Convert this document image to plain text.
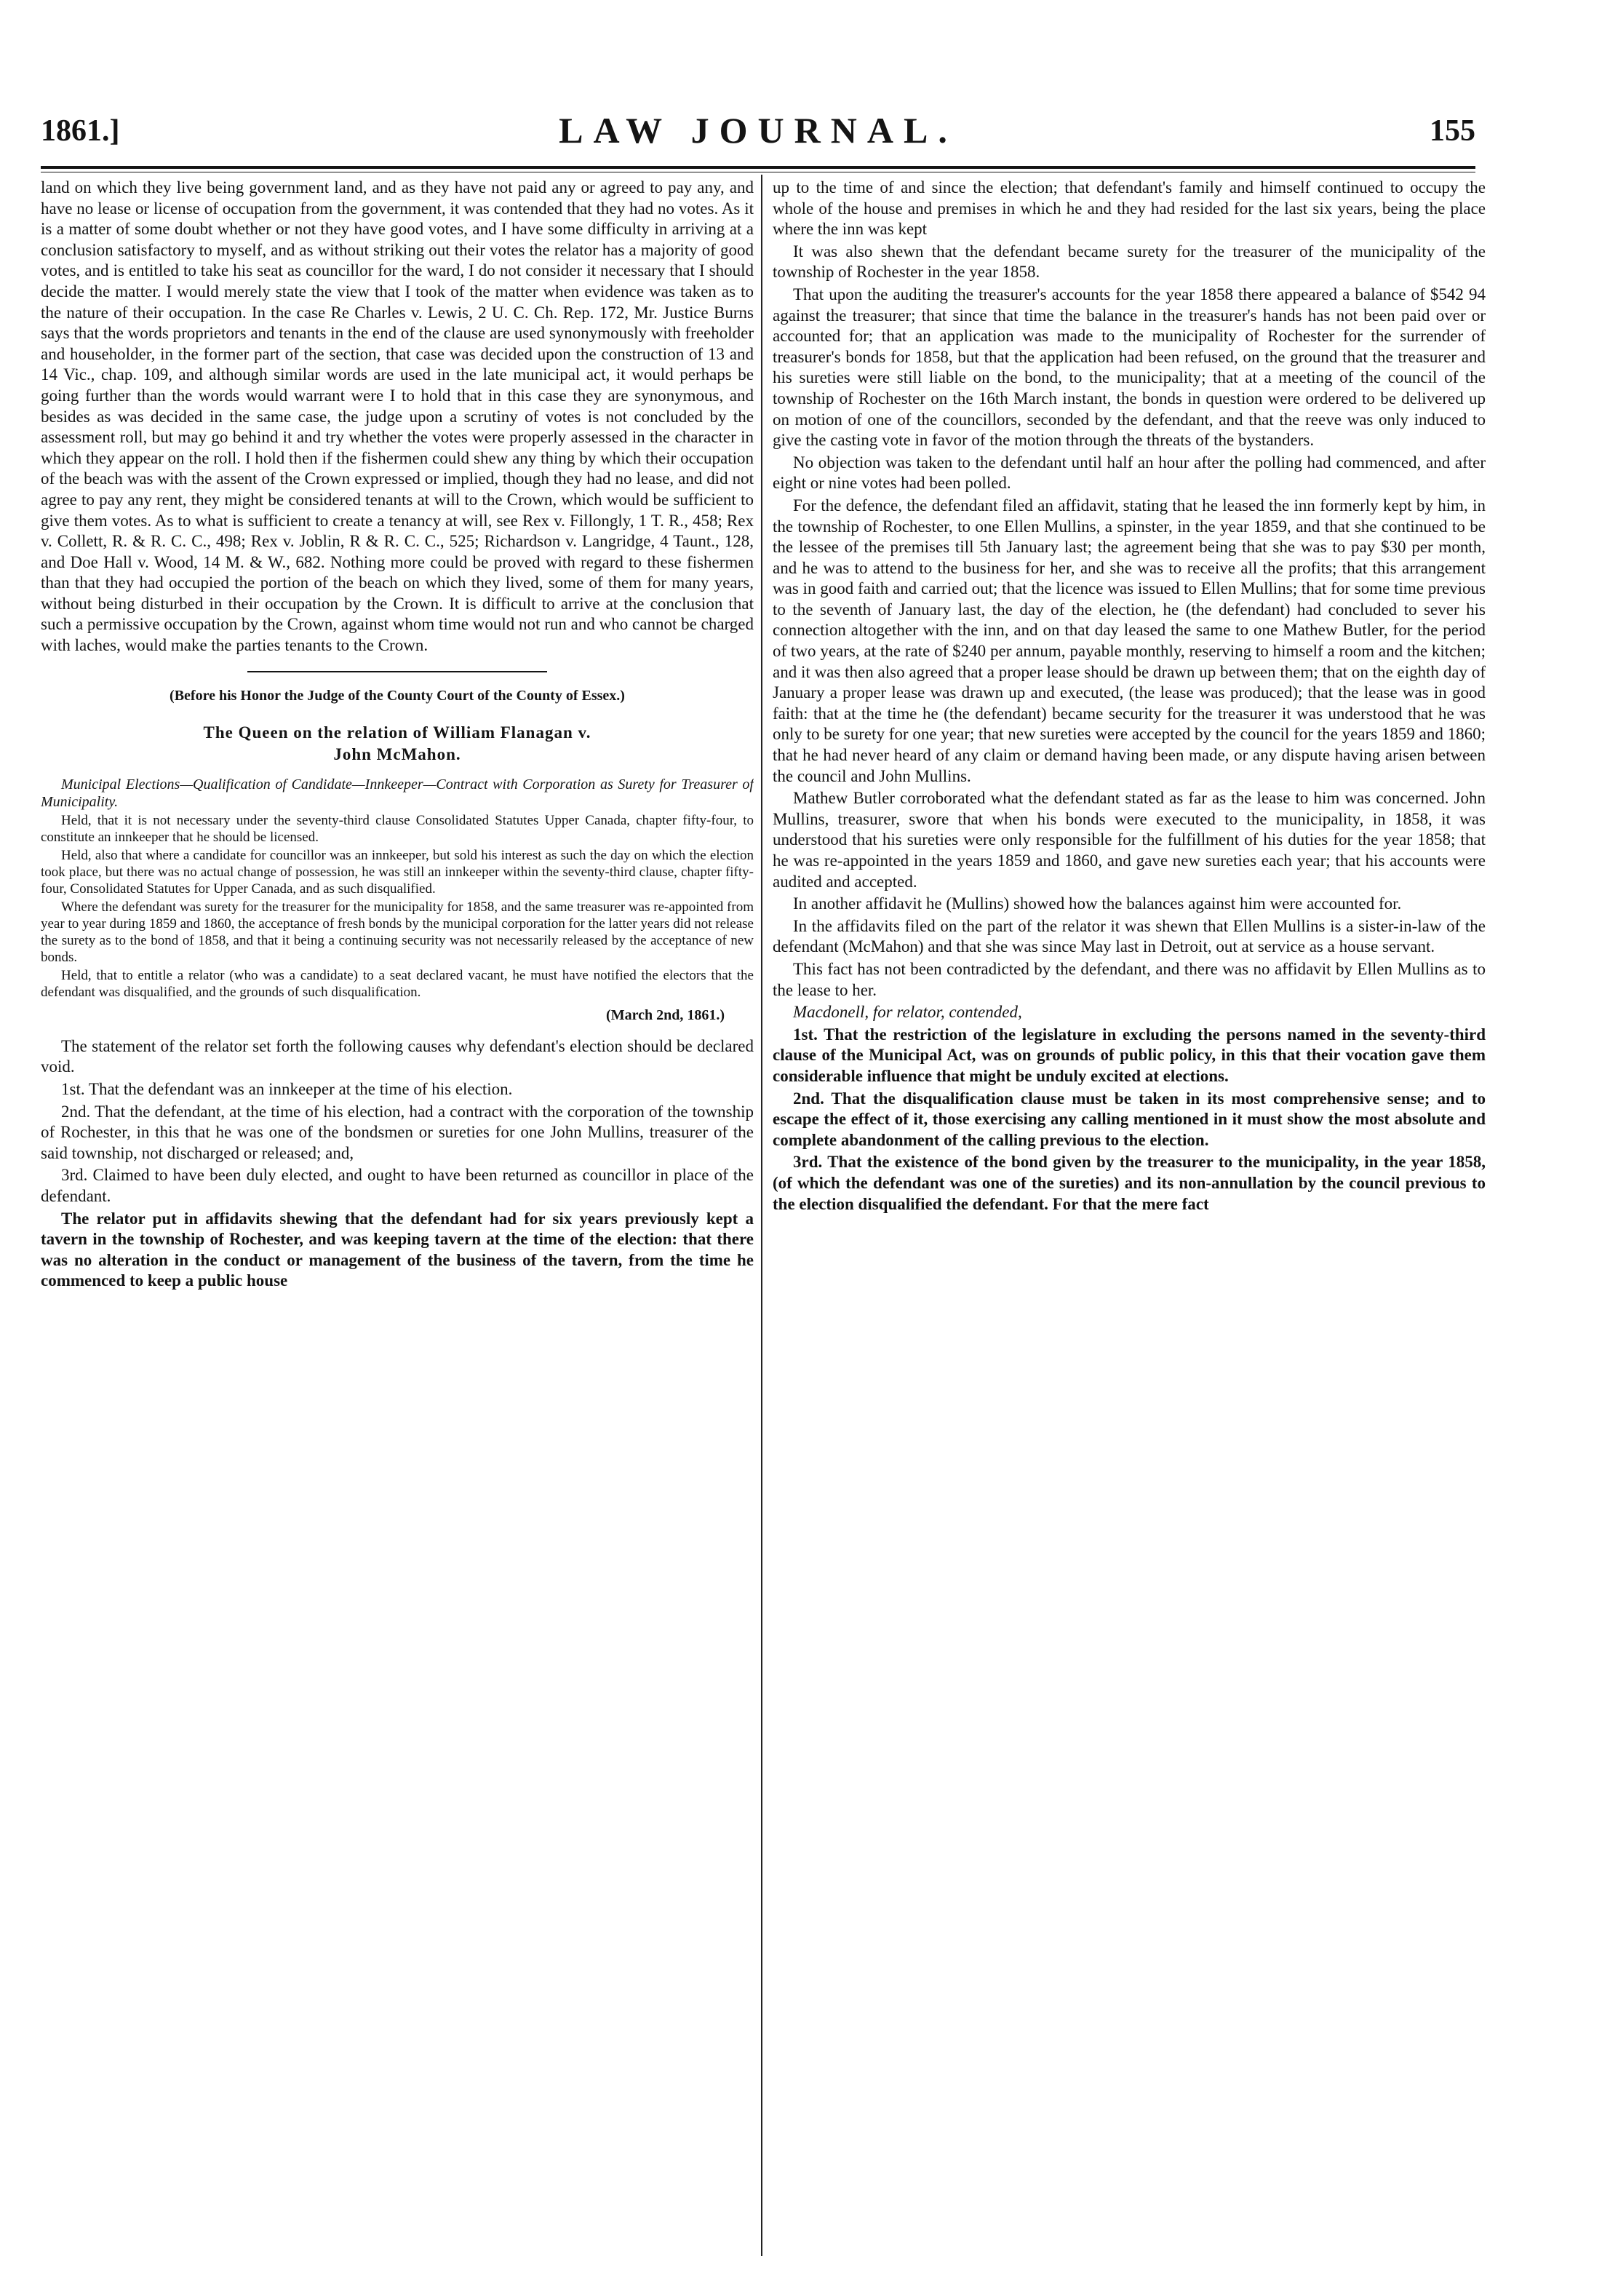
1861.]	LAW JOURNAL.	155

land on which they live being government land, and as they have not paid any or agreed to pay any, and have no lease or license of occupation from the government, it was contended that they had no votes. As it is a matter of some doubt whether or not they have good votes, and I have some difficulty in arriving at a conclusion satisfactory to myself, and as without striking out their votes the relator has a majority of good votes, and is entitled to take his seat as councillor for the ward, I do not consider it necessary that I should decide the matter. I would merely state the view that I took of the matter when evidence was taken as to the nature of their occupation. In the case Re Charles v. Lewis, 2 U. C. Ch. Rep. 172, Mr. Justice Burns says that the words proprietors and tenants in the end of the clause are used synonymously with freeholder and householder, in the former part of the section, that case was decided upon the construction of 13 and 14 Vic., chap. 109, and although similar words are used in the late municipal act, it would perhaps be going further than the words would warrant were I to hold that in this case they are synonymous, and besides as was decided in the same case, the judge upon a scrutiny of votes is not concluded by the assessment roll, but may go behind it and try whether the votes were properly assessed in the character in which they appear on the roll. I hold then if the fishermen could shew any thing by which their occupation of the beach was with the assent of the Crown expressed or implied, though they had no lease, and did not agree to pay any rent, they might be considered tenants at will to the Crown, which would be sufficient to give them votes. As to what is sufficient to create a tenancy at will, see Rex v. Fillongly, 1 T. R., 458; Rex v. Collett, R. & R. C. C., 498; Rex v. Joblin, R & R. C. C., 525; Richardson v. Langridge, 4 Taunt., 128, and Doe Hall v. Wood, 14 M. & W., 682. Nothing more could be proved with regard to these fishermen than that they had occupied the portion of the beach on which they lived, some of them for many years, without being disturbed in their occupation by the Crown. It is difficult to arrive at the conclusion that such a permissive occupation by the Crown, against whom time would not run and who cannot be charged with laches, would make the parties tenants to the Crown.

(Before his Honor the Judge of the County Court of the County of Essex.)
The Queen on the relation of William Flanagan v.
John McMahon.

Municipal Elections—Qualification of Candidate—Innkeeper—Contract with Corporation as Surety for Treasurer of Municipality.

Held, that it is not necessary under the seventy-third clause Consolidated Statutes Upper Canada, chapter fifty-four, to constitute an innkeeper that he should be licensed.

Held, also that where a candidate for councillor was an innkeeper, but sold his interest as such the day on which the election took place, but there was no actual change of possession, he was still an innkeeper within the seventy-third clause, chapter fifty-four, Consolidated Statutes for Upper Canada, and as such disqualified.

Where the defendant was surety for the treasurer for the municipality for 1858, and the same treasurer was re-appointed from year to year during 1859 and 1860, the acceptance of fresh bonds by the municipal corporation for the latter years did not release the surety as to the bond of 1858, and that it being a continuing security was not necessarily released by the acceptance of new bonds.

Held, that to entitle a relator (who was a candidate) to a seat declared vacant, he must have notified the electors that the defendant was disqualified, and the grounds of such disqualification.

(March 2nd, 1861.)

The statement of the relator set forth the following causes why defendant's election should be declared void.

1st. That the defendant was an innkeeper at the time of his election.

2nd. That the defendant, at the time of his election, had a contract with the corporation of the township of Rochester, in this that he was one of the bondsmen or sureties for one John Mullins, treasurer of the said township, not discharged or released; and,

3rd. Claimed to have been duly elected, and ought to have been returned as councillor in place of the defendant.

The relator put in affidavits shewing that the defendant had for six years previously kept a tavern in the township of Rochester, and was keeping tavern at the time of the election: that there was no alteration in the conduct or management of the business of the tavern, from the time he commenced to keep a public house

up to the time of and since the election; that defendant's family and himself continued to occupy the whole of the house and premises in which he and they had resided for the last six years, being the place where the inn was kept

It was also shewn that the defendant became surety for the treasurer of the municipality of the township of Rochester in the year 1858.

That upon the auditing the treasurer's accounts for the year 1858 there appeared a balance of $542 94 against the treasurer; that since that time the balance in the treasurer's hands has not been paid over or accounted for; that an application was made to the municipality of Rochester for the surrender of treasurer's bonds for 1858, but that the application had been refused, on the ground that the treasurer and his sureties were still liable on the bond, to the municipality; that at a meeting of the council of the township of Rochester on the 16th March instant, the bonds in question were ordered to be delivered up on motion of one of the councillors, seconded by the defendant, and that the reeve was only induced to give the casting vote in favor of the motion through the threats of the bystanders.

No objection was taken to the defendant until half an hour after the polling had commenced, and after eight or nine votes had been polled.

For the defence, the defendant filed an affidavit, stating that he leased the inn formerly kept by him, in the township of Rochester, to one Ellen Mullins, a spinster, in the year 1859, and that she continued to be the lessee of the premises till 5th January last; the agreement being that she was to pay $30 per month, and he was to attend to the business for her, and she was to receive all the profits; that this arrangement was in good faith and carried out; that the licence was issued to Ellen Mullins; that for some time previous to the seventh of January last, the day of the election, he (the defendant) had concluded to sever his connection altogether with the inn, and on that day leased the same to one Mathew Butler, for the period of two years, at the rate of $240 per annum, payable monthly, reserving to himself a room and the kitchen; and it was then also agreed that a proper lease should be drawn up between them; that on the eighth day of January a proper lease was drawn up and executed, (the lease was produced); that the lease was in good faith: that at the time he (the defendant) became security for the treasurer it was understood that he was only to be surety for one year; that new sureties were accepted by the council for the years 1859 and 1860; that he had never heard of any claim or demand having been made, or any dispute having arisen between the council and John Mullins.

Mathew Butler corroborated what the defendant stated as far as the lease to him was concerned. John Mullins, treasurer, swore that when his bonds were executed to the municipality, in 1858, it was understood that his sureties were only responsible for the fulfillment of his duties for the year 1858; that he was re-appointed in the years 1859 and 1860, and gave new sureties each year; that his accounts were audited and accepted.

In another affidavit he (Mullins) showed how the balances against him were accounted for.

In the affidavits filed on the part of the relator it was shewn that Ellen Mullins is a sister-in-law of the defendant (McMahon) and that she was since May last in Detroit, out at service as a house servant.

This fact has not been contradicted by the defendant, and there was no affidavit by Ellen Mullins as to the lease to her.

Macdonell, for relator, contended,

1st. That the restriction of the legislature in excluding the persons named in the seventy-third clause of the Municipal Act, was on grounds of public policy, in this that their vocation gave them considerable influence that might be unduly excited at elections.

2nd. That the disqualification clause must be taken in its most comprehensive sense; and to escape the effect of it, those exercising any calling mentioned in it must show the most absolute and complete abandonment of the calling previous to the election.

3rd. That the existence of the bond given by the treasurer to the municipality, in the year 1858, (of which the defendant was one of the sureties) and its non-annullation by the council previous to the election disqualified the defendant. For that the mere fact
